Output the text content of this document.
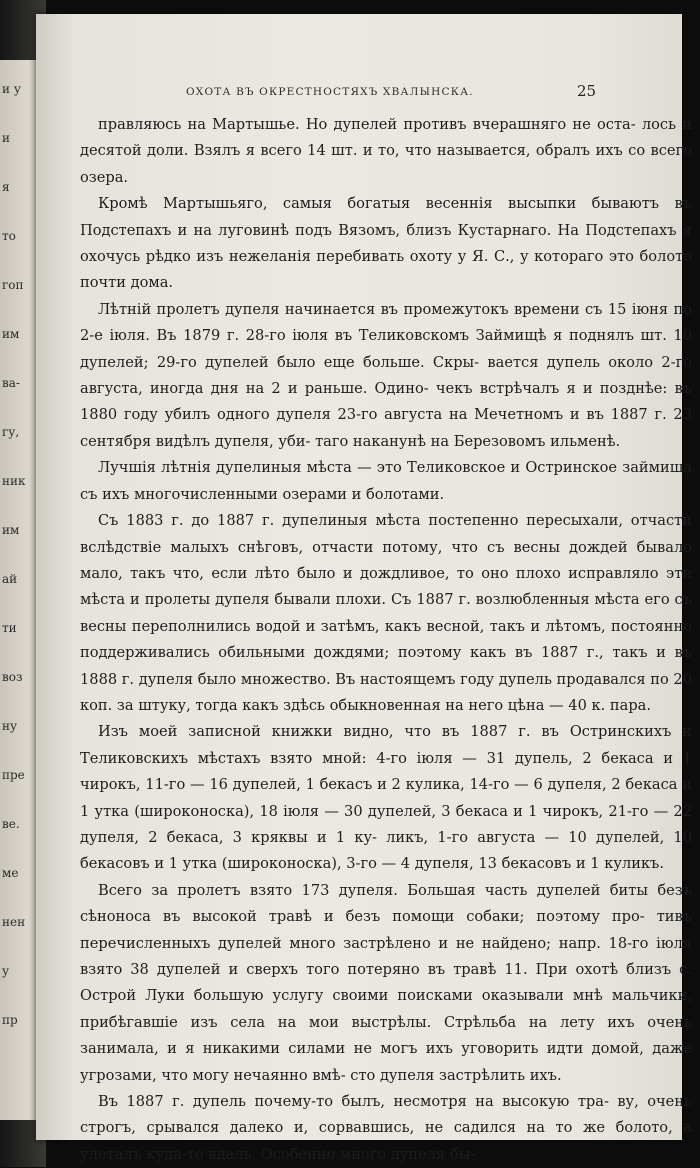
и у
и
я
то
гоп
им
ва-
гу,
ник
им
ай
ти
воз
ну
пре
ве.
ме
нен
у
пр
ОХОТА ВЪ ОКРЕСТНОСТЯХЪ ХВАЛЫНСКА.	25

правляюсь на Мартышье. Но дупелей противъ вчерашняго не оста- лось и десятой доли. Взялъ я всего 14 шт. и то, что называется, обралъ ихъ со всего озера.

Кромѣ Мартышьяго, самыя богатыя весеннія высыпки бываютъ въ Подстепахъ и на луговинѣ подъ Вязомъ, близъ Кустарнаго. На Подстепахъ я охочусь рѣдко изъ нежеланія перебивать охоту у Я. С., у котораго это болото почти дома.

Лѣтній пролетъ дупеля начинается въ промежутокъ времени съ 15 іюня по 2-е іюля. Въ 1879 г. 28-го іюля въ Теликовскомъ Займищѣ я поднялъ шт. 10 дупелей; 29-го дупелей было еще больше. Скры- вается дупель около 2-го августа, иногда дня на 2 и раньше. Одино- чекъ встрѣчалъ я и позднѣе: въ 1880 году убилъ одного дупеля 23-го августа на Мечетномъ и въ 1887 г. 23 сентября видѣлъ дупеля, уби- таго наканунѣ на Березовомъ ильменѣ.

Лучшія лѣтнія дупелиныя мѣста — это Теликовское и Остринское займища съ ихъ многочисленными озерами и болотами.

Съ 1883 г. до 1887 г. дупелиныя мѣста постепенно пересыхали, отчасти вслѣдствіе малыхъ снѣговъ, отчасти потому, что съ весны дождей бывало мало, такъ что, если лѣто было и дождливое, то оно плохо исправляло эти мѣста и пролеты дупеля бывали плохи. Съ 1887 г. возлюбленныя мѣста его съ весны переполнились водой и затѣмъ, какъ весной, такъ и лѣтомъ, постоянно поддерживались обильными дождями; поэтому какъ въ 1887 г., такъ и въ 1888 г. дупеля было множество. Въ настоящемъ году дупель продавался по 20 коп. за штуку, тогда какъ здѣсь обыкновенная на него цѣна — 40 к. пара.

Изъ моей записной книжки видно, что въ 1887 г. въ Остринскихъ и Теликовскихъ мѣстахъ взято мной: 4-го іюля — 31 дупель, 2 бекаса и 1 чирокъ, 11-го — 16 дупелей, 1 бекасъ и 2 кулика, 14-го — 6 дупеля, 2 бекаса и 1 утка (широконоска), 18 іюля — 30 дупелей, 3 бекаса и 1 чирокъ, 21-го — 22 дупеля, 2 бекаса, 3 кряквы и 1 ку- ликъ, 1-го августа — 10 дупелей, 10 бекасовъ и 1 утка (широконоска), 3-го — 4 дупеля, 13 бекасовъ и 1 куликъ.

Всего за пролетъ взято 173 дупеля. Большая часть дупелей биты безъ сѣноноса въ высокой травѣ и безъ помощи собаки; поэтому про- тивъ перечисленныхъ дупелей много застрѣлено и не найдено; напр. 18-го іюля взято 38 дупелей и сверхъ того потеряно въ травѣ 11. При охотѣ близъ с. Острой Луки большую услугу своими поисками оказывали мнѣ мальчики, прибѣгавшіе изъ села на мои выстрѣлы. Стрѣльба на лету ихъ очень занимала, и я никакими силами не могъ ихъ уговорить идти домой, даже угрозами, что могу нечаянно вмѣ- сто дупеля застрѣлить ихъ.

Въ 1887 г. дупель почему-то былъ, несмотря на высокую тра- ву, очень строгъ, срывался далеко и, сорвавшись, не садился на то же болото, а улеталъ куда-то вдаль. Особенно много дупеля бы-
